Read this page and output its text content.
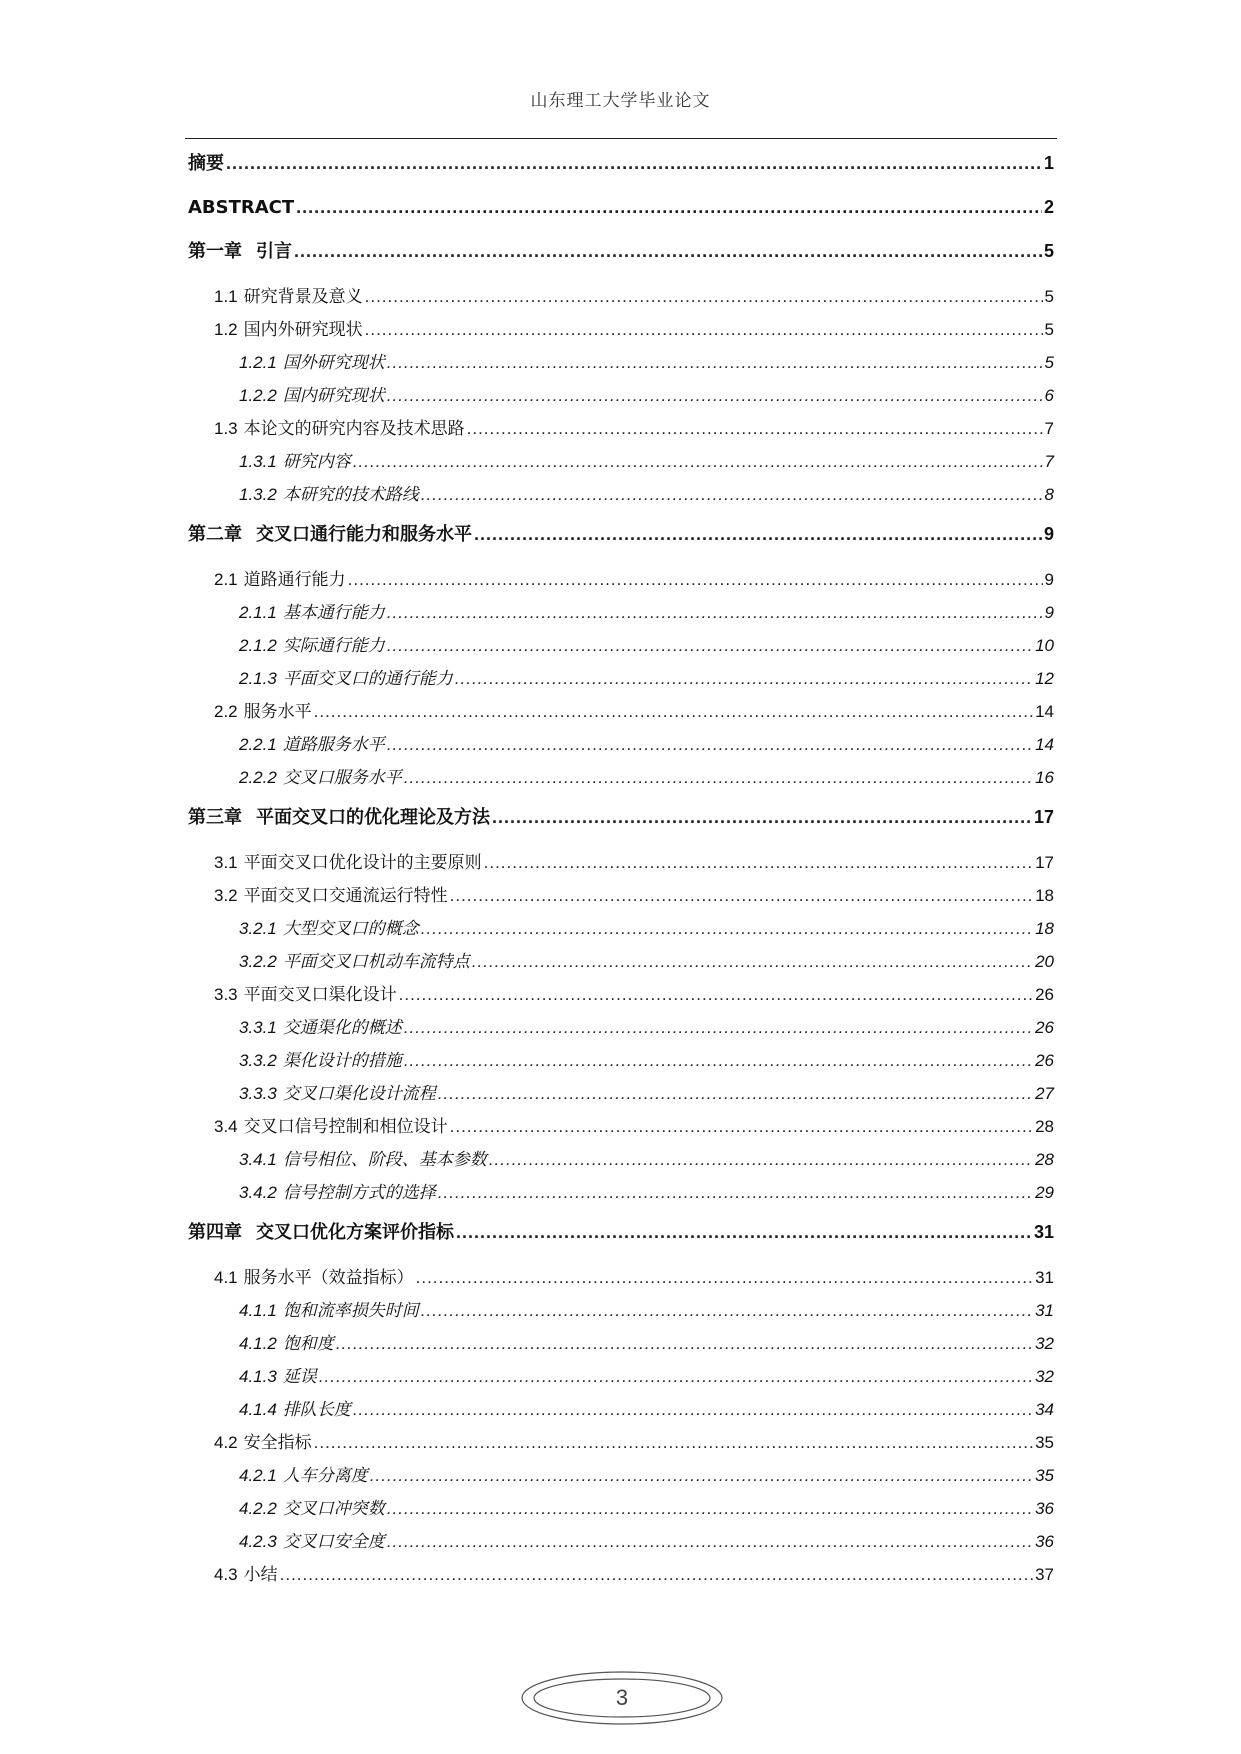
山东理工大学毕业论文
摘要 .....	1
ABSTRACT .....	2
第一章 引言 .....	5
1.1 研究背景及意义 .....	5
1.2 国内外研究现状 .....	5
1.2.1 国外研究现状 .....	5
1.2.2 国内研究现状 .....	6
1.3 本论文的研究内容及技术思路 .....	7
1.3.1 研究内容 .....	7
1.3.2 本研究的技术路线 .....	8
第二章 交叉口通行能力和服务水平 .....	9
2.1 道路通行能力 .....	9
2.1.1 基本通行能力 .....	9
2.1.2 实际通行能力 .....	10
2.1.3 平面交叉口的通行能力 .....	12
2.2 服务水平 .....	14
2.2.1 道路服务水平 .....	14
2.2.2 交叉口服务水平 .....	16
第三章 平面交叉口的优化理论及方法 .....	17
3.1 平面交叉口优化设计的主要原则 .....	17
3.2 平面交叉口交通流运行特性 .....	18
3.2.1 大型交叉口的概念 .....	18
3.2.2 平面交叉口机动车流特点 .....	20
3.3 平面交叉口渠化设计 .....	26
3.3.1 交通渠化的概述 .....	26
3.3.2 渠化设计的措施 .....	26
3.3.3 交叉口渠化设计流程 .....	27
3.4 交叉口信号控制和相位设计 .....	28
3.4.1 信号相位、阶段、基本参数 .....	28
3.4.2 信号控制方式的选择 .....	29
第四章 交叉口优化方案评价指标 .....	31
4.1 服务水平（效益指标） .....	31
4.1.1 饱和流率损失时间 .....	31
4.1.2 饱和度 .....	32
4.1.3 延误 .....	32
4.1.4 排队长度 .....	34
4.2 安全指标 .....	35
4.2.1 人车分离度 .....	35
4.2.2 交叉口冲突数 .....	36
4.2.3 交叉口安全度 .....	36
4.3 小结 .....	37
3
